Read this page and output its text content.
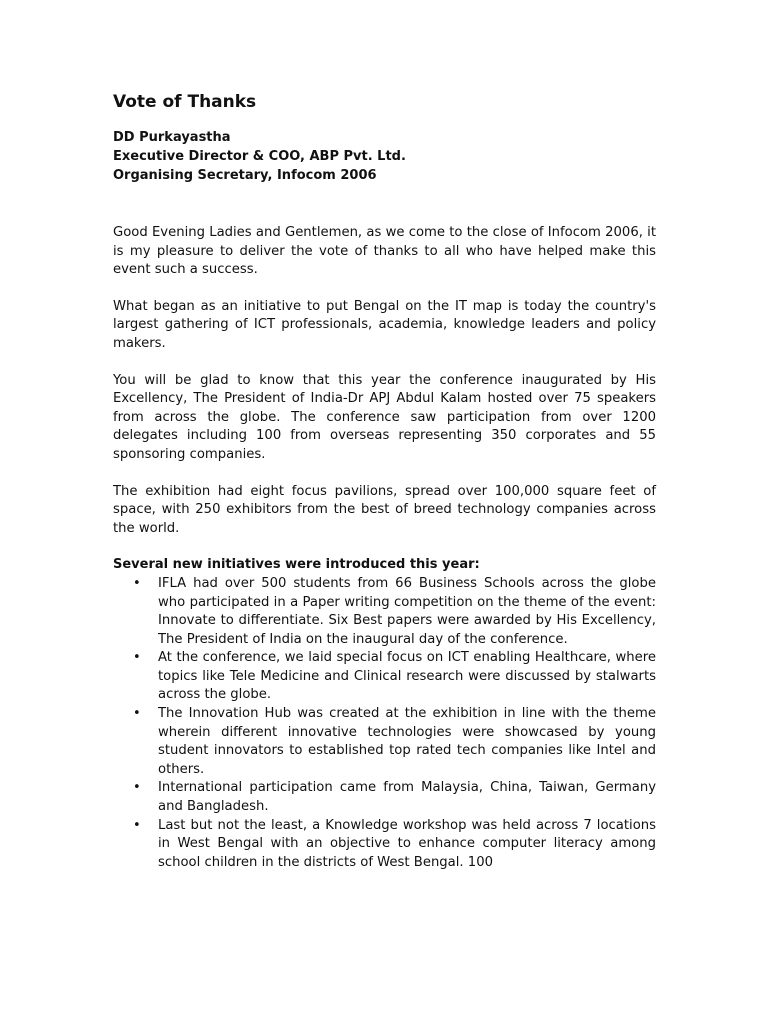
Vote of Thanks
DD Purkayastha
Executive Director & COO, ABP Pvt. Ltd.
Organising Secretary, Infocom 2006

Good Evening Ladies and Gentlemen, as we come to the close of Infocom 2006, it is my pleasure to deliver the vote of thanks to all who have helped make this event such a success.

What began as an initiative to put Bengal on the IT map is today the country's largest gathering of ICT professionals, academia, knowledge leaders and policy makers.

You will be glad to know that this year the conference inaugurated by His Excellency, The President of India-Dr APJ Abdul Kalam hosted over 75 speakers from across the globe. The conference saw participation from over 1200 delegates including 100 from overseas representing 350 corporates and 55 sponsoring companies.

The exhibition had eight focus pavilions, spread over 100,000 square feet of space, with 250 exhibitors from the best of breed technology companies across the world.

Several new initiatives were introduced this year:
• IFLA had over 500 students from 66 Business Schools across the globe who participated in a Paper writing competition on the theme of the event: Innovate to differentiate. Six Best papers were awarded by His Excellency, The President of India on the inaugural day of the conference.
• At the conference, we laid special focus on ICT enabling Healthcare, where topics like Tele Medicine and Clinical research were discussed by stalwarts across the globe.
• The Innovation Hub was created at the exhibition in line with the theme wherein different innovative technologies were showcased by young student innovators to established top rated tech companies like Intel and others.
• International participation came from Malaysia, China, Taiwan, Germany and Bangladesh.
• Last but not the least, a Knowledge workshop was held across 7 locations in West Bengal with an objective to enhance computer literacy among school children in the districts of West Bengal. 100
